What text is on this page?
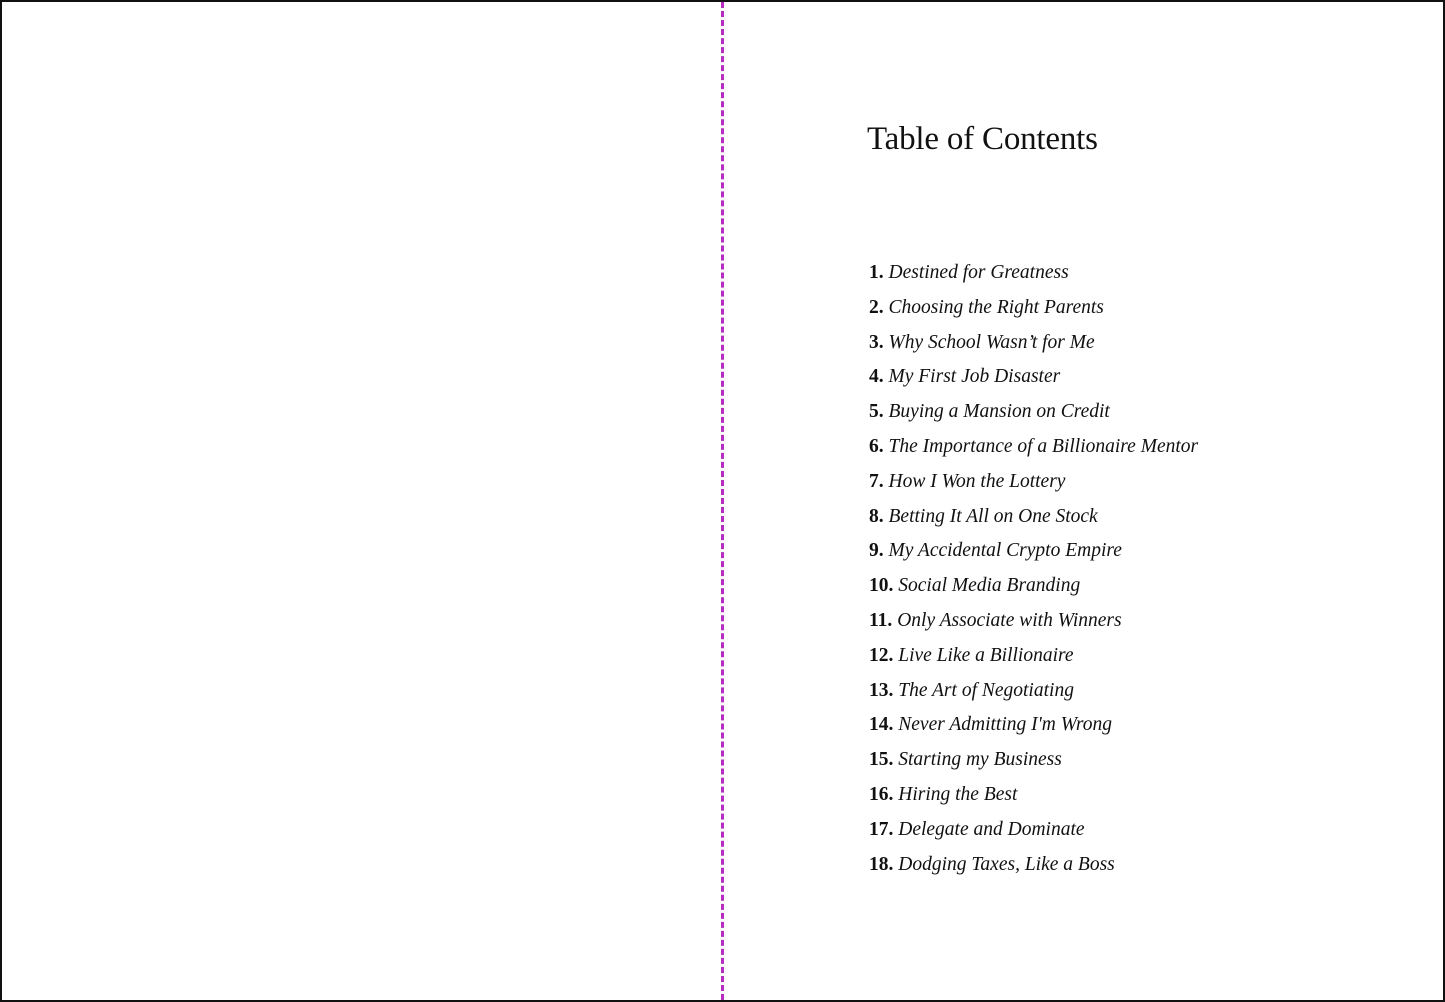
Table of Contents
1. Destined for Greatness
2. Choosing the Right Parents
3. Why School Wasn’t for Me
4. My First Job Disaster
5. Buying a Mansion on Credit
6. The Importance of a Billionaire Mentor
7. How I Won the Lottery
8. Betting It All on One Stock
9. My Accidental Crypto Empire
10. Social Media Branding
11. Only Associate with Winners
12. Live Like a Billionaire
13. The Art of Negotiating
14. Never Admitting I'm Wrong
15. Starting my Business
16. Hiring the Best
17. Delegate and Dominate
18. Dodging Taxes, Like a Boss
